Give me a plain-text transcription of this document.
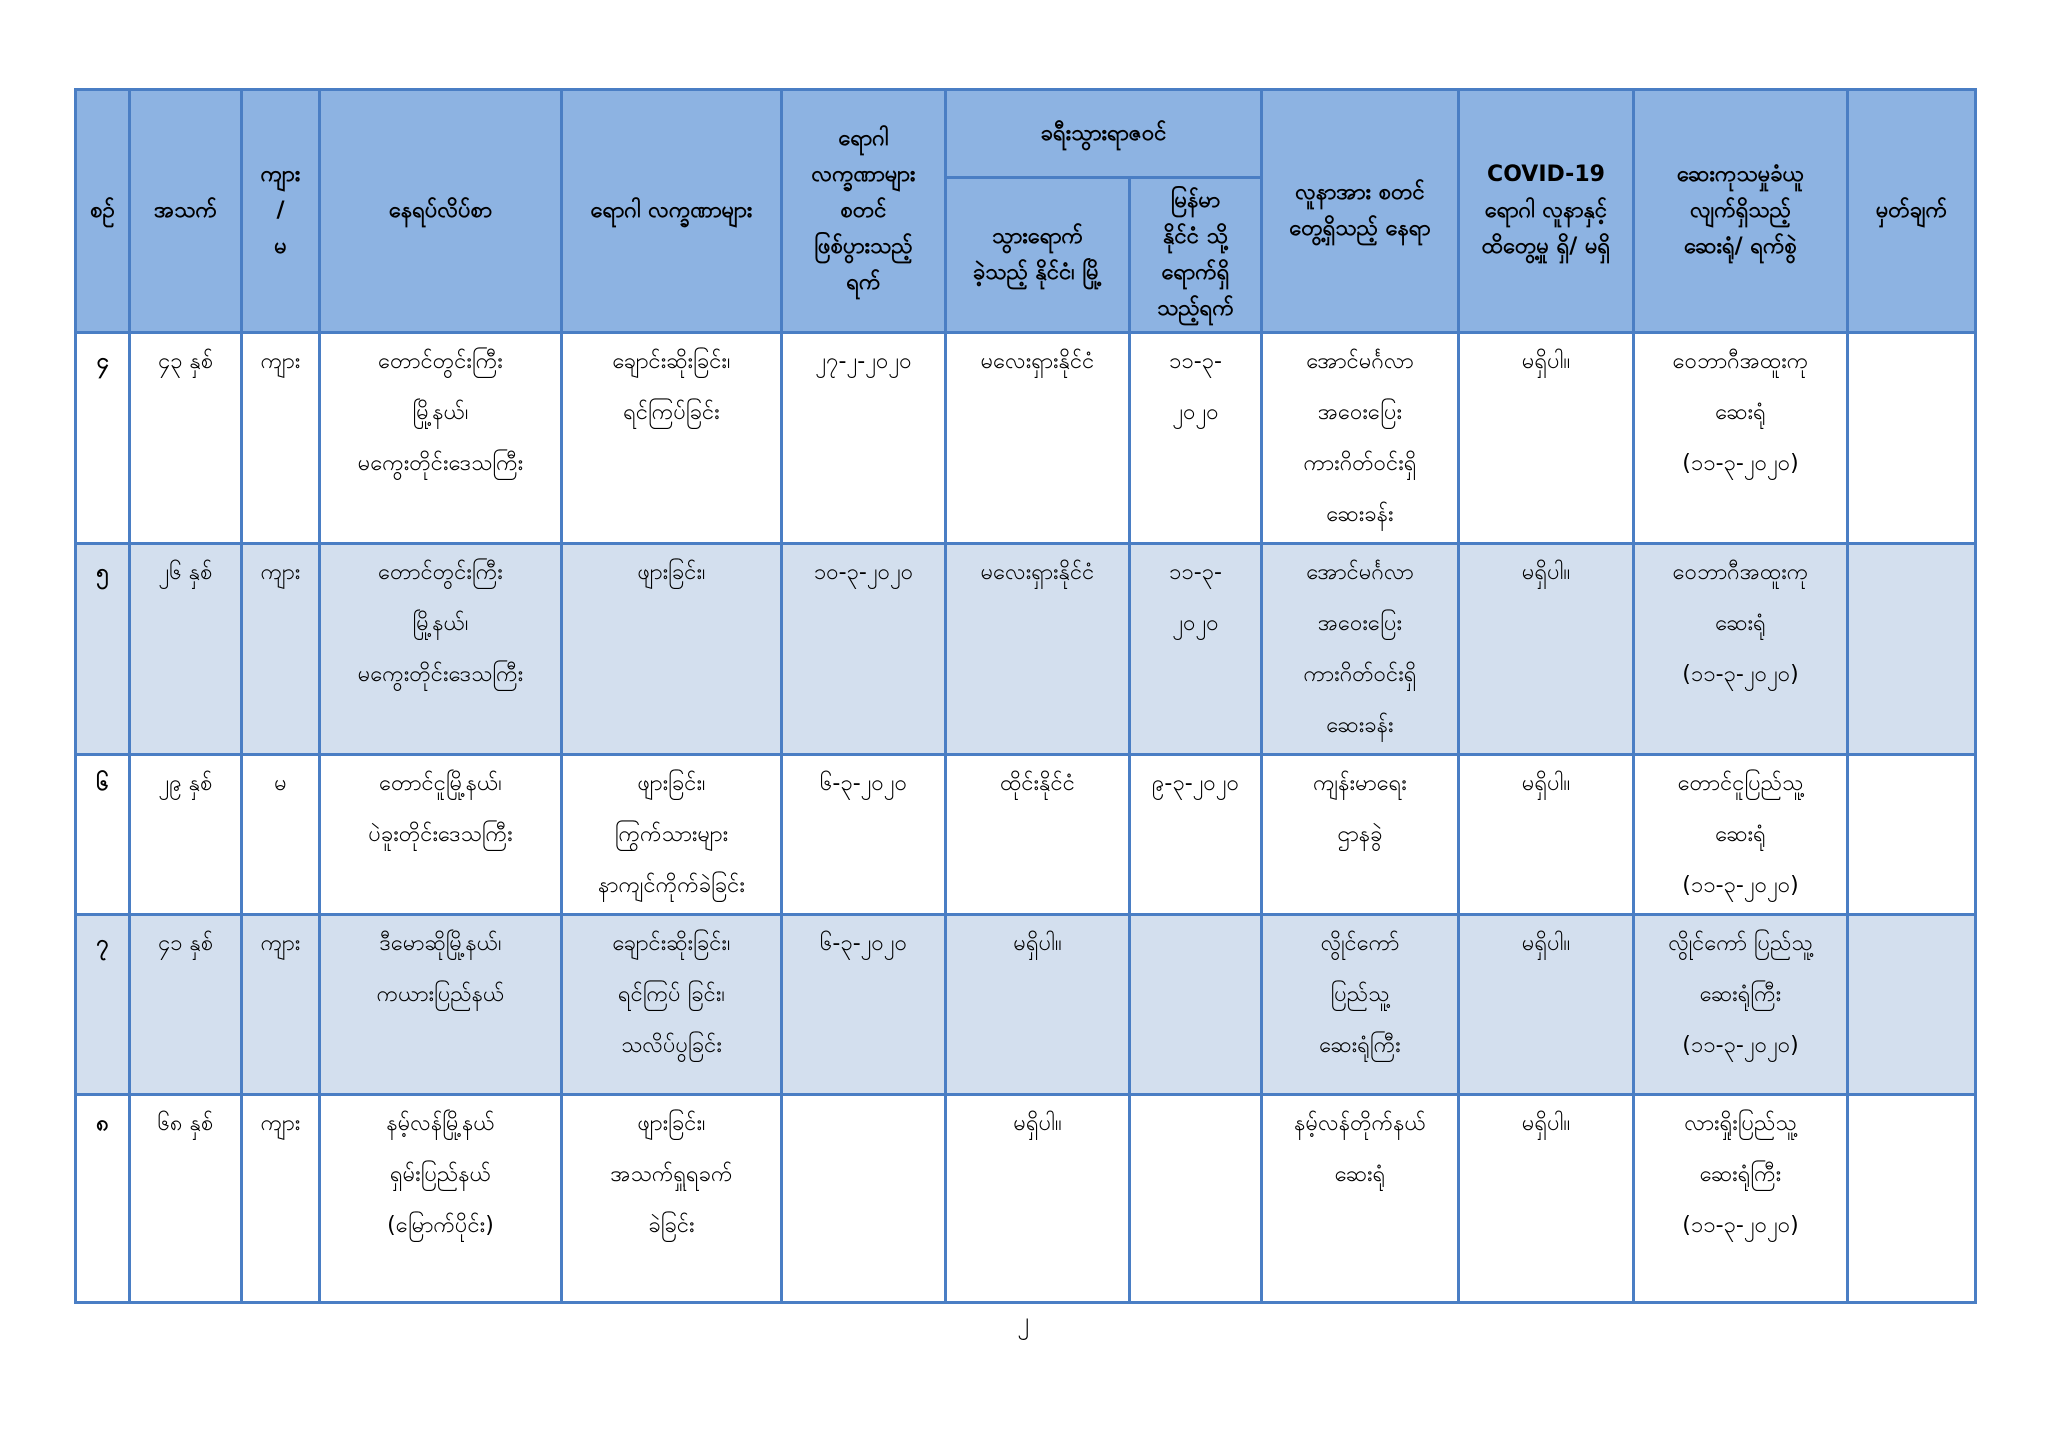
စဉ်	အသက်	ကျား
/
မ	နေရပ်လိပ်စာ	ရောဂါ လက္ခဏာများ	ရောဂါ
လက္ခဏာများ
စတင်
ဖြစ်ပွားသည့်
ရက်	ခရီးသွားရာဇဝင်		လူနာအား စတင်
တွေ့ရှိသည့် နေရာ	COVID-19
ရောဂါ လူနာနှင့်
ထိတွေ့မှု ရှိ/ မရှိ	ဆေးကုသမှုခံယူ
လျက်ရှိသည့်
ဆေးရုံ/ ရက်စွဲ	မှတ်ချက်

						သွားရောက်
ခဲ့သည့် နိုင်ငံ၊ မြို့	မြန်မာ
နိုင်ငံ သို့
ရောက်ရှိ
သည့်ရက်				

၄	၄၃ နှစ်	ကျား	တောင်တွင်းကြီး
မြို့နယ်၊
မကွေးတိုင်းဒေသကြီး	ချောင်းဆိုးခြင်း၊
ရင်ကြပ်ခြင်း	၂၇-၂-၂၀၂၀	မလေးရှားနိုင်ငံ	၁၁-၃-
၂၀၂၀	အောင်မင်္ဂလာ
အဝေးပြေး
ကားဂိတ်ဝင်းရှိ
ဆေးခန်း	မရှိပါ။	ဝေဘာဂီအထူးကု
ဆေးရုံ
(၁၁-၃-၂၀၂၀)	

၅	၂၆ နှစ်	ကျား	တောင်တွင်းကြီး
မြို့နယ်၊
မကွေးတိုင်းဒေသကြီး	ဖျားခြင်း၊	၁၀-၃-၂၀၂၀	မလေးရှားနိုင်ငံ	၁၁-၃-
၂၀၂၀	အောင်မင်္ဂလာ
အဝေးပြေး
ကားဂိတ်ဝင်းရှိ
ဆေးခန်း	မရှိပါ။	ဝေဘာဂီအထူးကု
ဆေးရုံ
(၁၁-၃-၂၀၂၀)	

၆	၂၉ နှစ်	မ	တောင်ငူမြို့နယ်၊
ပဲခူးတိုင်းဒေသကြီး	ဖျားခြင်း၊
ကြွက်သားများ
နာကျင်ကိုက်ခဲခြင်း	၆-၃-၂၀၂၀	ထိုင်းနိုင်ငံ	၉-၃-၂၀၂၀	ကျန်းမာရေး
ဌာနခွဲ	မရှိပါ။	တောင်ငူပြည်သူ့
ဆေးရုံ
(၁၁-၃-၂၀၂၀)	

၇	၄၁ နှစ်	ကျား	ဒီမောဆိုမြို့နယ်၊
ကယားပြည်နယ်	ချောင်းဆိုးခြင်း၊
ရင်ကြပ် ခြင်း၊
သလိပ်ပွခြင်း	၆-၃-၂၀၂၀	မရှိပါ။		လွိုင်ကော်
ပြည်သူ့
ဆေးရုံကြီး	မရှိပါ။	လွိုင်ကော် ပြည်သူ့
ဆေးရုံကြီး
(၁၁-၃-၂၀၂၀)	

၈	၆၈ နှစ်	ကျား	နမ့်လန်မြို့နယ်
ရှမ်းပြည်နယ်
(မြောက်ပိုင်း)	ဖျားခြင်း၊
အသက်ရှူရခက်
ခဲခြင်း		မရှိပါ။		နမ့်လန်တိုက်နယ်
ဆေးရုံ	မရှိပါ။	လားရှိုးပြည်သူ့
ဆေးရုံကြီး
(၁၁-၃-၂၀၂၀)	

၂
